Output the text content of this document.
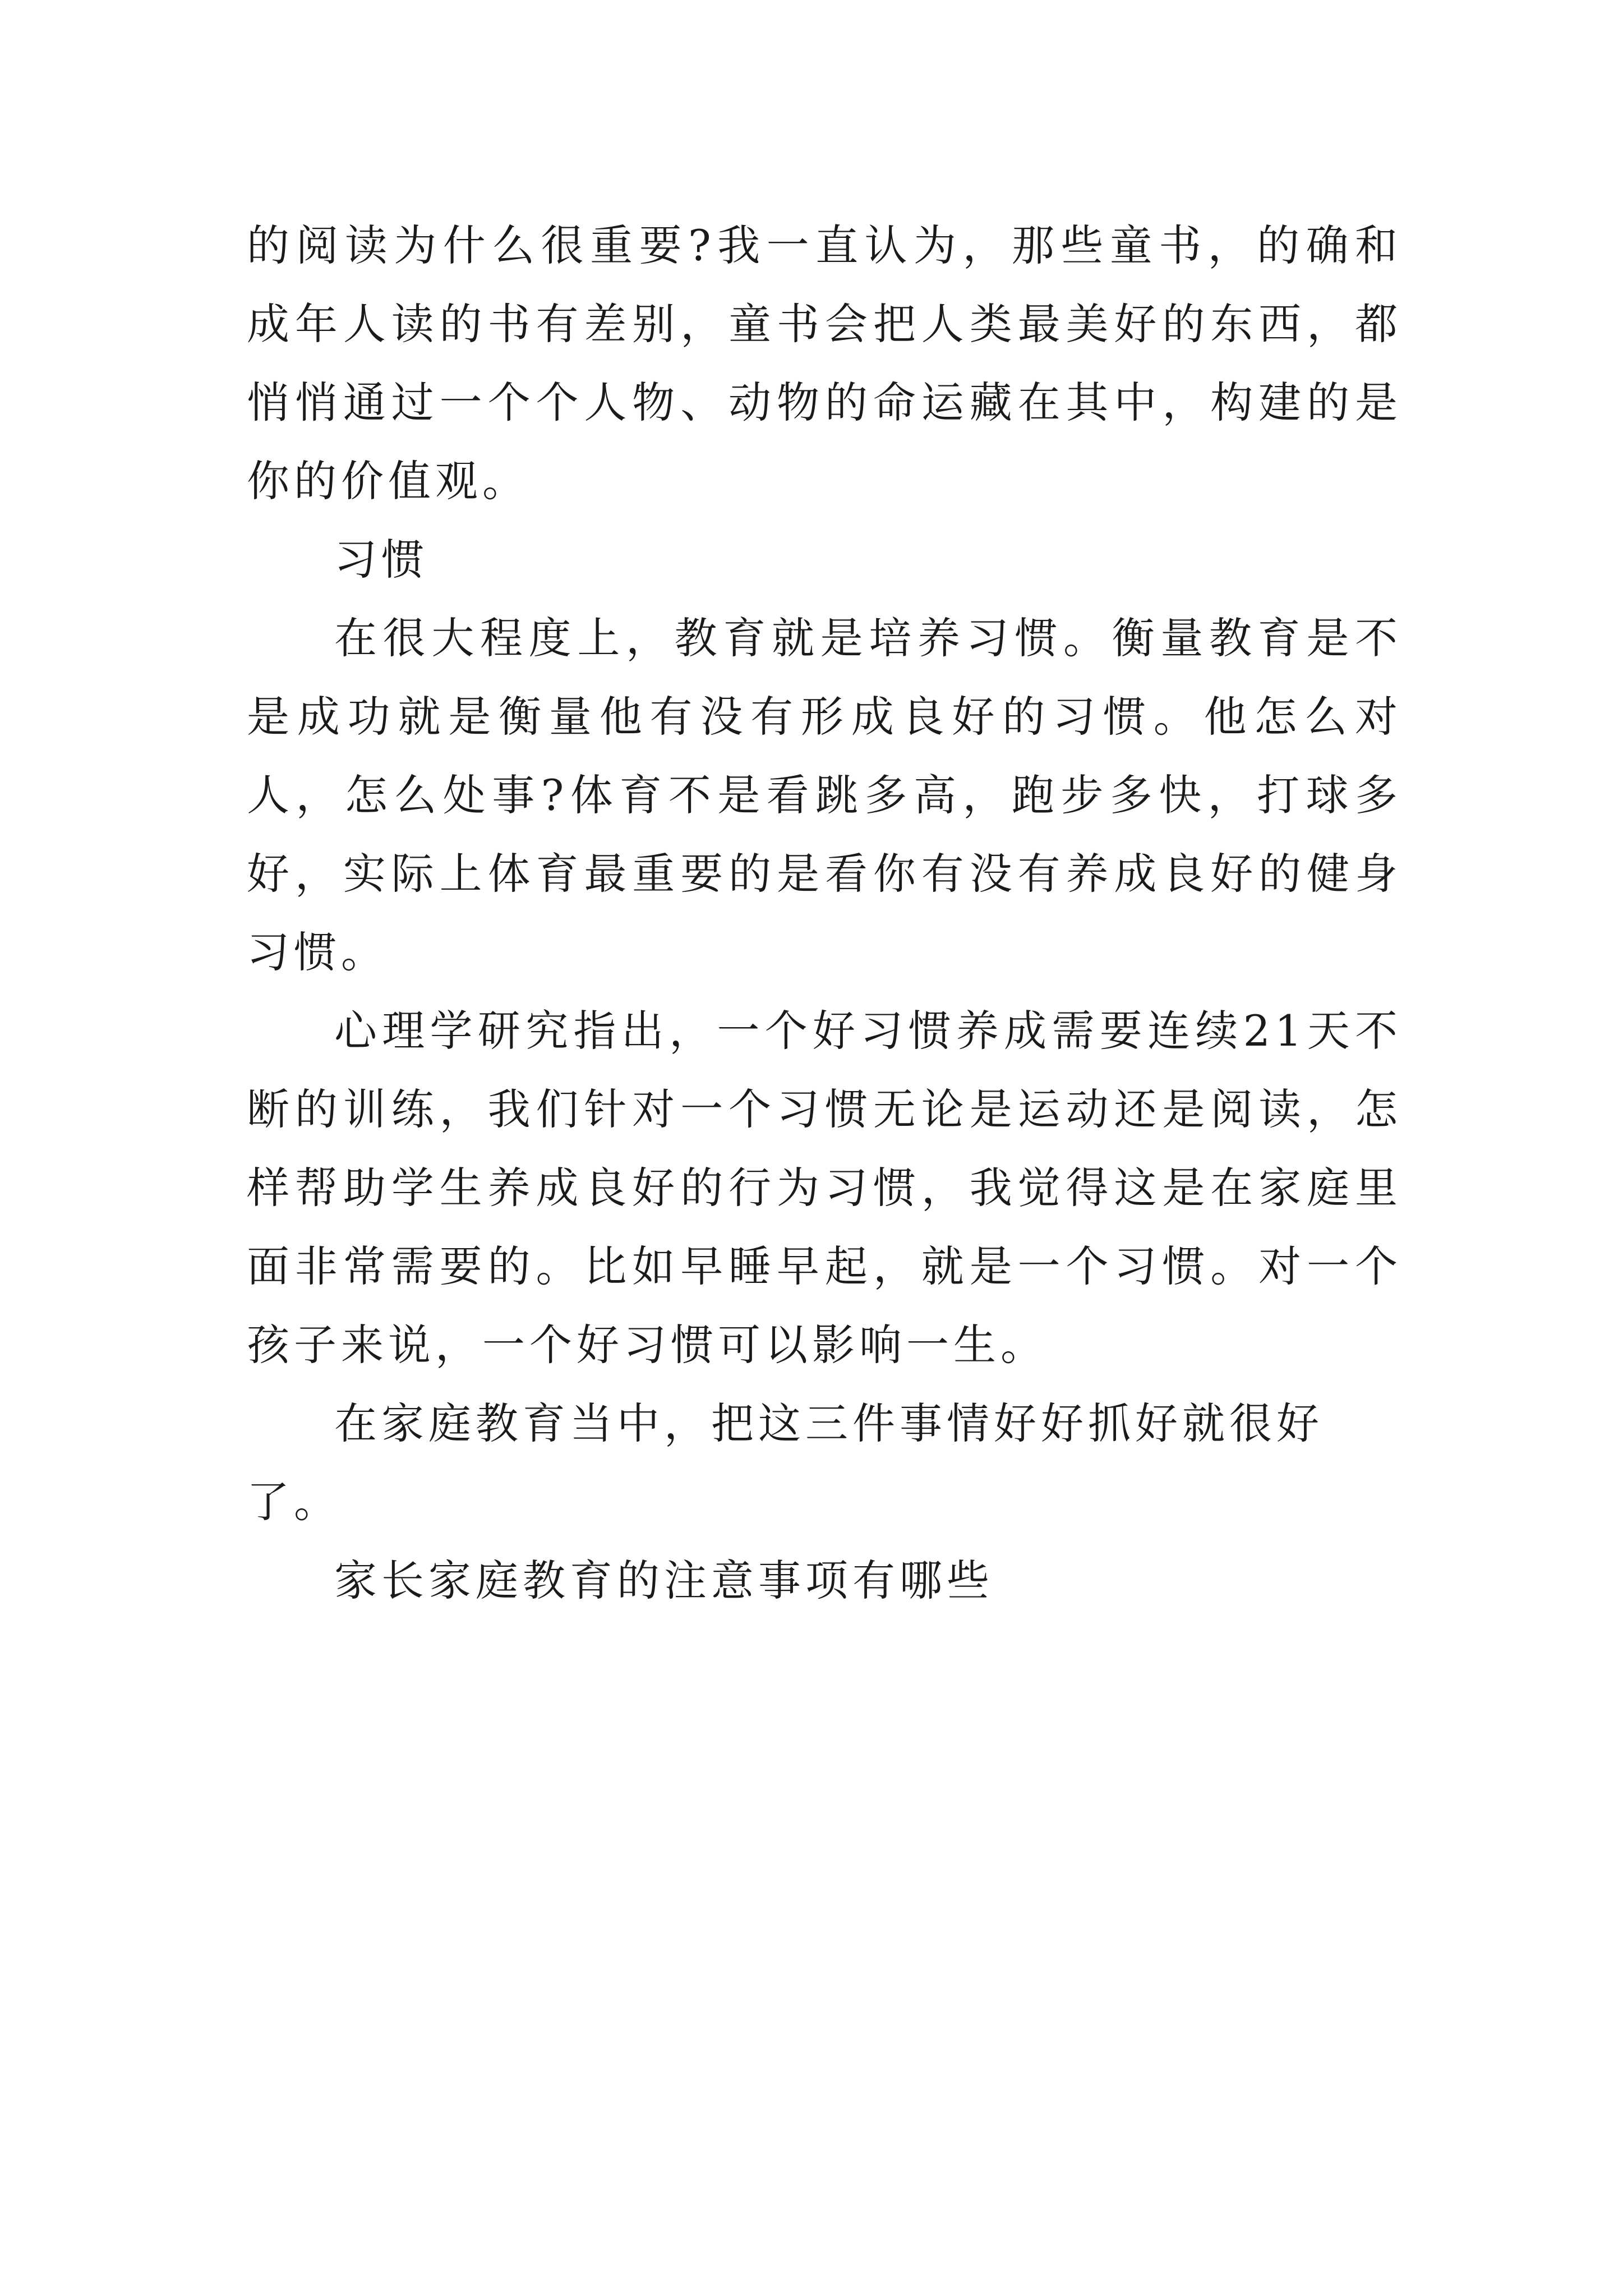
的阅读为什么很重要?我一直认为，那些童书，的确和成年人读的书有差别，童书会把人类最美好的东西，都悄悄通过一个个人物、动物的命运藏在其中，构建的是你的价值观。

习惯

在很大程度上，教育就是培养习惯。衡量教育是不是成功就是衡量他有没有形成良好的习惯。他怎么对人，怎么处事?体育不是看跳多高，跑步多快，打球多好，实际上体育最重要的是看你有没有养成良好的健身习惯。

心理学研究指出，一个好习惯养成需要连续21天不断的训练，我们针对一个习惯无论是运动还是阅读，怎样帮助学生养成良好的行为习惯，我觉得这是在家庭里面非常需要的。比如早睡早起，就是一个习惯。对一个孩子来说，一个好习惯可以影响一生。

在家庭教育当中，把这三件事情好好抓好就很好了。

家长家庭教育的注意事项有哪些
